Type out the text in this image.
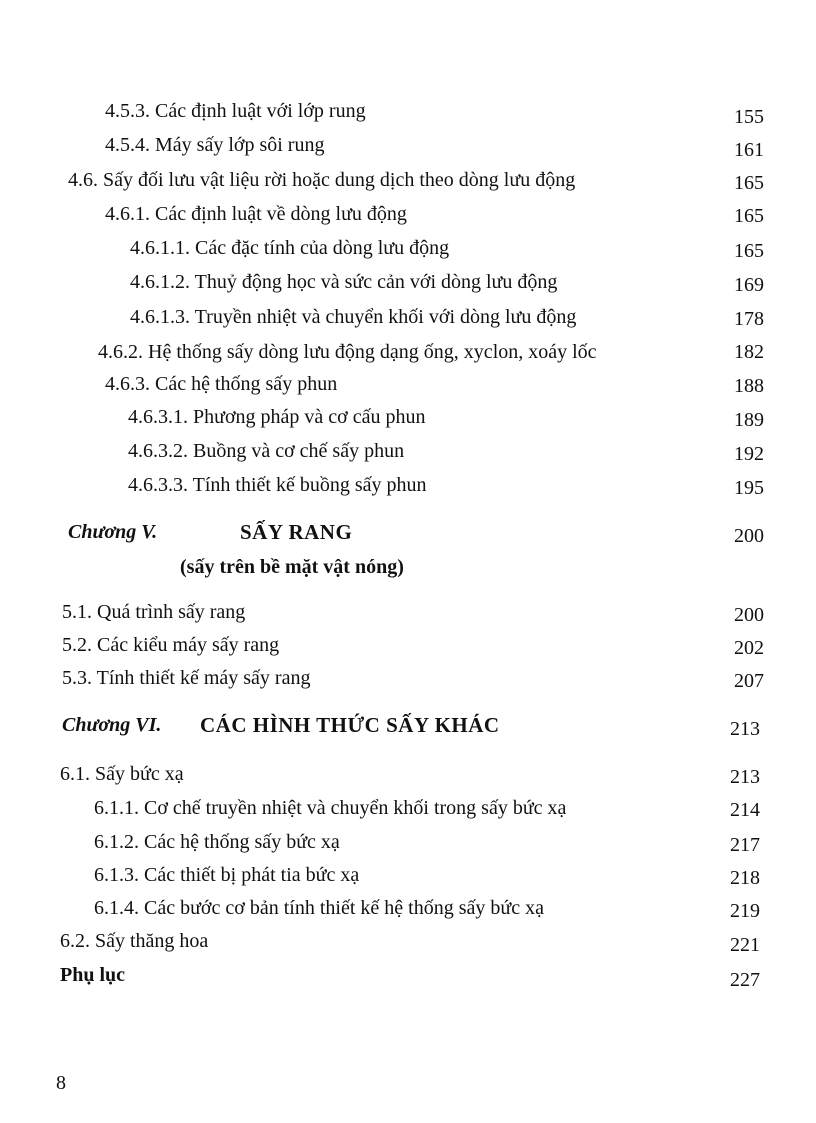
4.5.3. Các định luật với lớp rung	155
4.5.4. Máy sấy lớp sôi rung	161
4.6. Sấy đối lưu vật liệu rời hoặc dung dịch theo dòng lưu động	165
4.6.1. Các định luật về dòng lưu động	165
4.6.1.1. Các đặc tính của dòng lưu động	165
4.6.1.2. Thuỷ động học và sức cản với dòng lưu động	169
4.6.1.3. Truyền nhiệt và chuyển khối với dòng lưu động	178
4.6.2. Hệ thống sấy dòng lưu động dạng ống, xyclon, xoáy lốc	182
4.6.3. Các hệ thống sấy phun	188
4.6.3.1. Phương pháp và cơ cấu phun	189
4.6.3.2. Buồng và cơ chế sấy phun	192
4.6.3.3. Tính thiết kế buồng sấy phun	195
Chương V.	SẤY RANG	200
(sấy trên bề mặt vật nóng)
5.1. Quá trình sấy rang	200
5.2. Các kiểu máy sấy rang	202
5.3. Tính thiết kế máy sấy rang	207
Chương VI. CÁC HÌNH THỨC SẤY KHÁC	213
6.1. Sấy bức xạ	213
6.1.1. Cơ chế truyền nhiệt và chuyển khối trong sấy bức xạ	214
6.1.2. Các hệ thống sấy bức xạ	217
6.1.3. Các thiết bị phát tia bức xạ	218
6.1.4. Các bước cơ bản tính thiết kế hệ thống sấy bức xạ	219
6.2. Sấy thăng hoa	221
Phụ lục	227
8
